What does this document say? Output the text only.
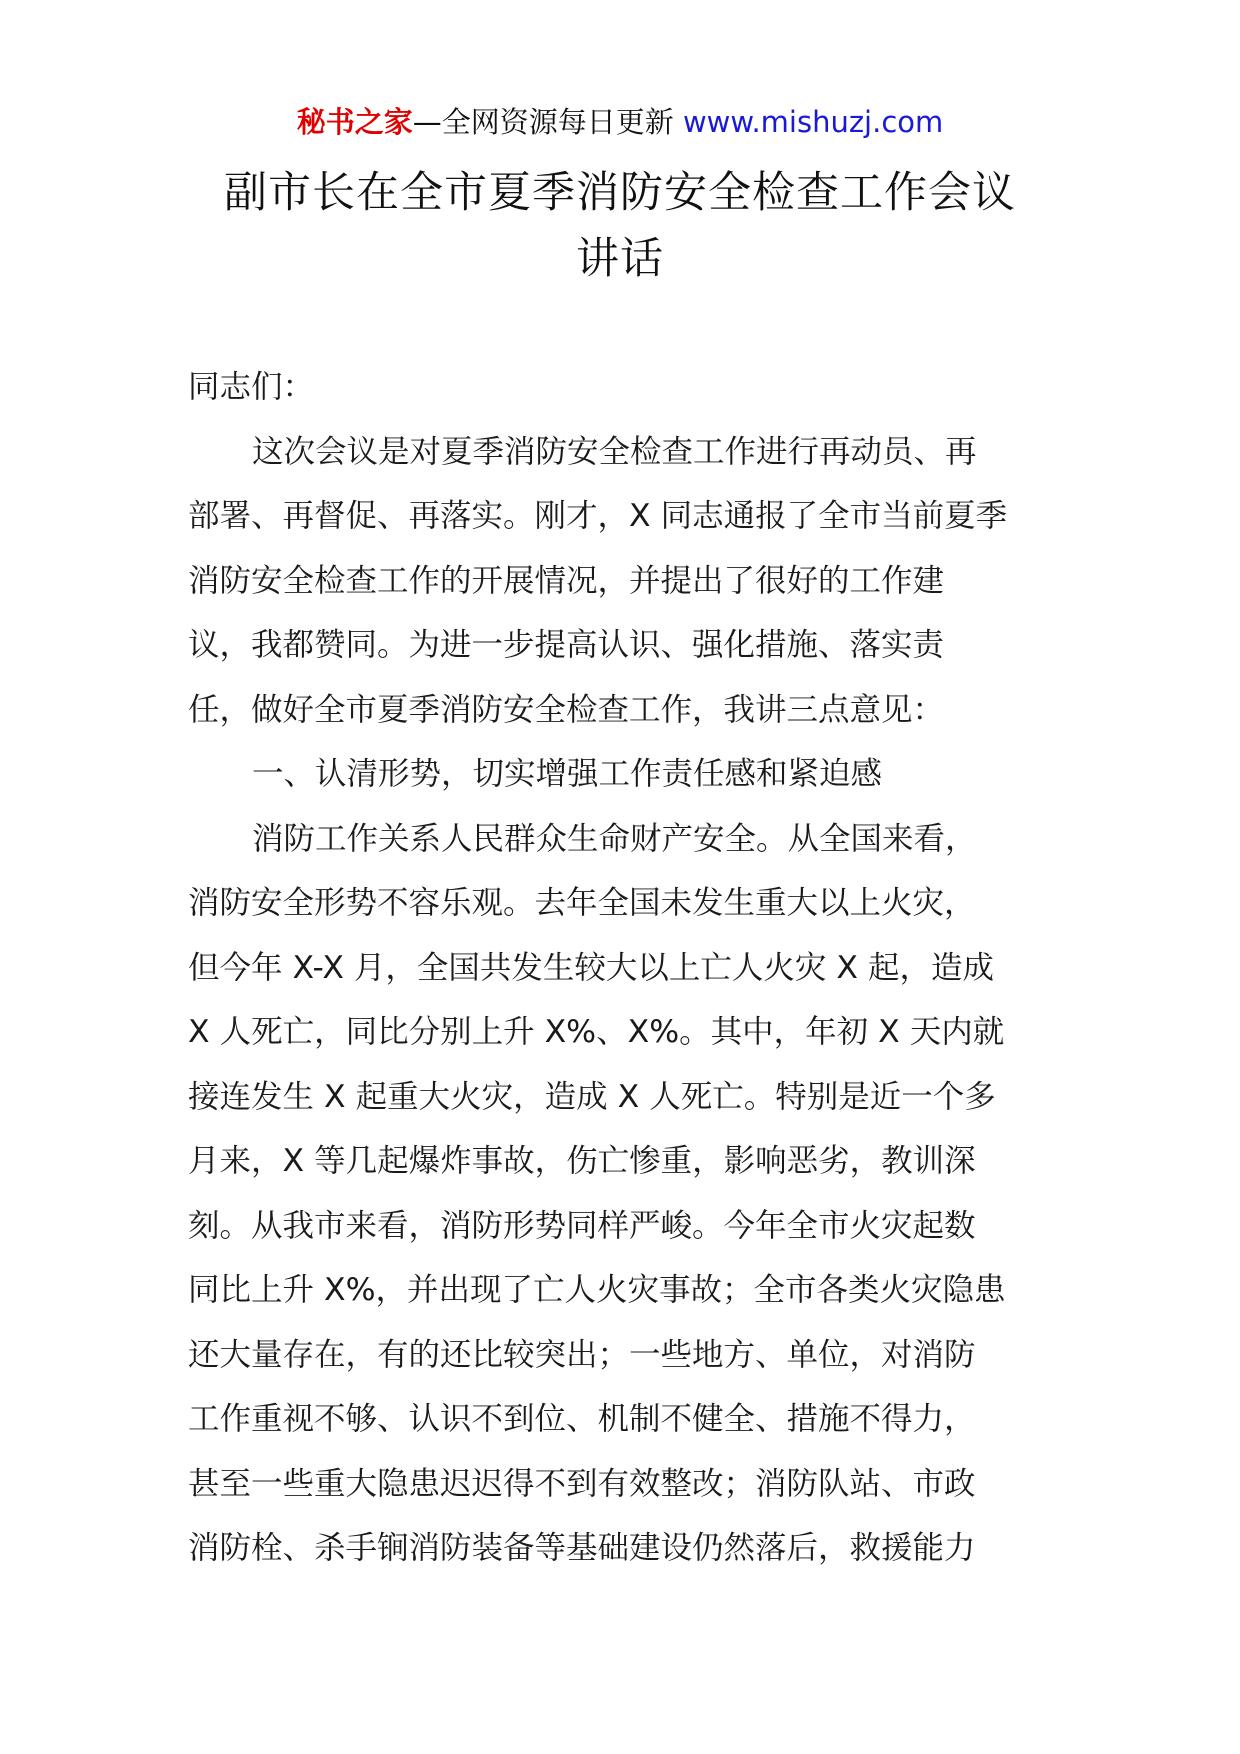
秘书之家—全网资源每日更新 www.mishuzj.com
副市长在全市夏季消防安全检查工作会议
讲话
同志们：
这次会议是对夏季消防安全检查工作进行再动员、再
部署、再督促、再落实。刚才，X 同志通报了全市当前夏季
消防安全检查工作的开展情况，并提出了很好的工作建
议，我都赞同。为进一步提高认识、强化措施、落实责
任，做好全市夏季消防安全检查工作，我讲三点意见：
一、认清形势，切实增强工作责任感和紧迫感
消防工作关系人民群众生命财产安全。从全国来看，
消防安全形势不容乐观。去年全国未发生重大以上火灾，
但今年 X-X 月，全国共发生较大以上亡人火灾 X 起，造成
X 人死亡，同比分别上升 X%、X%。其中，年初 X 天内就
接连发生 X 起重大火灾，造成 X 人死亡。特别是近一个多
月来，X 等几起爆炸事故，伤亡惨重，影响恶劣，教训深
刻。从我市来看，消防形势同样严峻。今年全市火灾起数
同比上升 X%，并出现了亡人火灾事故；全市各类火灾隐患
还大量存在，有的还比较突出；一些地方、单位，对消防
工作重视不够、认识不到位、机制不健全、措施不得力，
甚至一些重大隐患迟迟得不到有效整改；消防队站、市政
消防栓、杀手锏消防装备等基础建设仍然落后，救援能力
